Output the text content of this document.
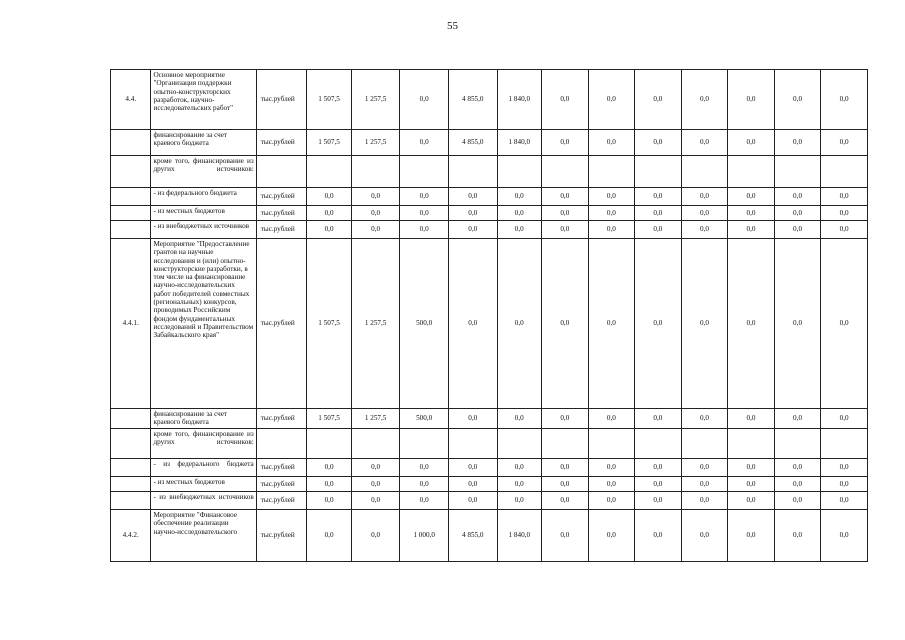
55
4.4.	Основное мероприятие "Организация поддержки опытно-конструкторских разработок, научно-исследовательских работ"	тыс.рублей	1 507,5	1 257,5	0,0	4 855,0	1 840,0	0,0	0,0	0,0	0,0	0,0	0,0	0,0
	финансирование за счет краевого бюджета	тыс.рублей	1 507,5	1 257,5	0,0	4 855,0	1 840,0	0,0	0,0	0,0	0,0	0,0	0,0	0,0
	кроме того, финансирование из других источников:													
	- из федерального бюджета	тыс.рублей	0,0	0,0	0,0	0,0	0,0	0,0	0,0	0,0	0,0	0,0	0,0	0,0
	- из местных бюджетов	тыс.рублей	0,0	0,0	0,0	0,0	0,0	0,0	0,0	0,0	0,0	0,0	0,0	0,0
	- из внебюджетных источников	тыс.рублей	0,0	0,0	0,0	0,0	0,0	0,0	0,0	0,0	0,0	0,0	0,0	0,0
4.4.1.	Мероприятие "Предоставление грантов на научные исследования и (или) опытно-конструкторские разработки, в том числе на финансирование научно-исследовательских работ победителей совместных (региональных) конкурсов, проводимых Российским фондом фундаментальных исследований и Правительством Забайкальского края"	тыс.рублей	1 507,5	1 257,5	500,0	0,0	0,0	0,0	0,0	0,0	0,0	0,0	0,0	0,0
	финансирование за счет краевого бюджета	тыс.рублей	1 507,5	1 257,5	500,0	0,0	0,0	0,0	0,0	0,0	0,0	0,0	0,0	0,0
	кроме того, финансирование из других источников:													
	- из федерального бюджета	тыс.рублей	0,0	0,0	0,0	0,0	0,0	0,0	0,0	0,0	0,0	0,0	0,0	0,0
	- из местных бюджетов	тыс.рублей	0,0	0,0	0,0	0,0	0,0	0,0	0,0	0,0	0,0	0,0	0,0	0,0
	- из внебюджетных источников	тыс.рублей	0,0	0,0	0,0	0,0	0,0	0,0	0,0	0,0	0,0	0,0	0,0	0,0
4.4.2.	Мероприятие "Финансовое обеспечение реализации научно-исследовательского	тыс.рублей	0,0	0,0	1 000,0	4 855,0	1 840,0	0,0	0,0	0,0	0,0	0,0	0,0	0,0
